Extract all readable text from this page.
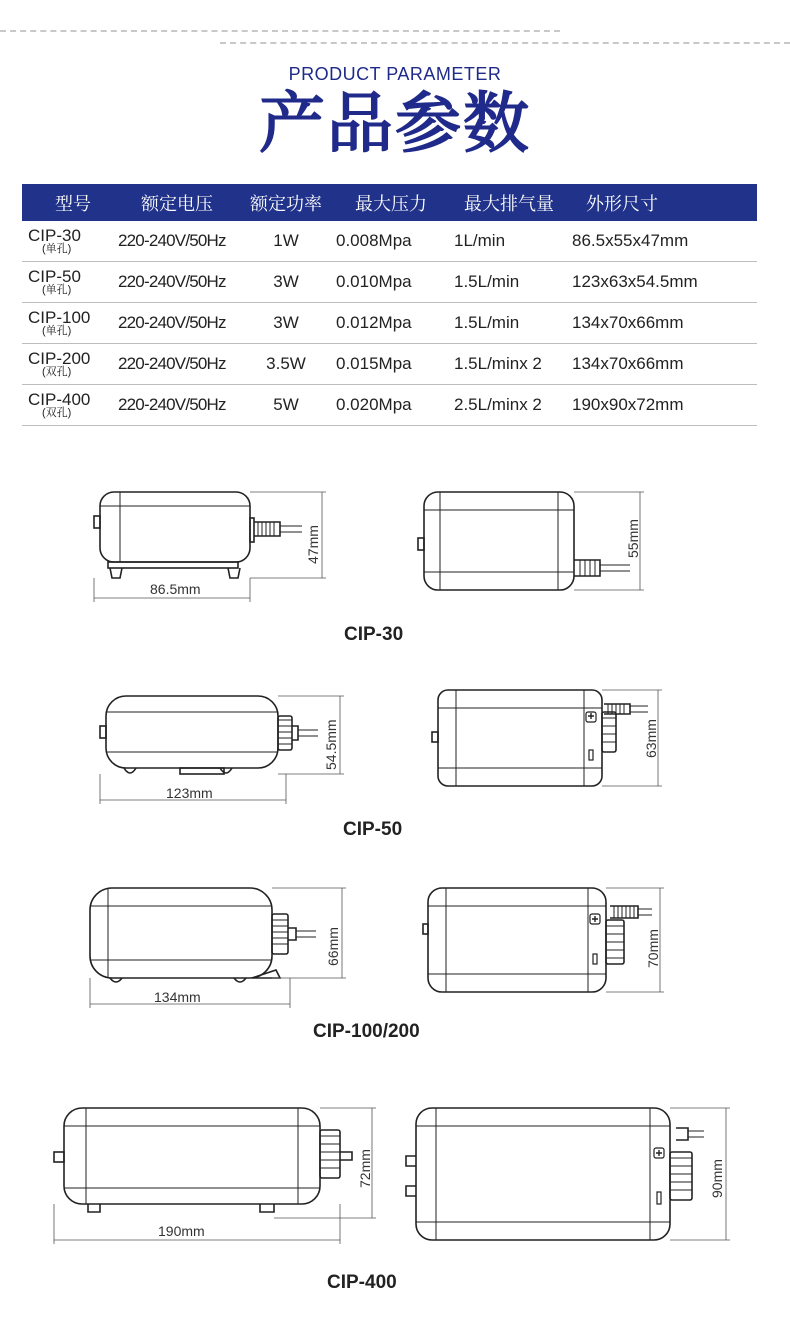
PRODUCT PARAMETER
产品参数
型号	额定电压	额定功率	最大压力	最大排气量	外形尺寸

CIP-30
(单孔)	220-240V/50Hz	1W	0.008Mpa	1L/min	86.5x55x47mm

CIP-50
(单孔)	220-240V/50Hz	3W	0.010Mpa	1.5L/min	123x63x54.5mm

CIP-100
(单孔)	220-240V/50Hz	3W	0.012Mpa	1.5L/min	134x70x66mm

CIP-200
(双孔)	220-240V/50Hz	3.5W	0.015Mpa	1.5L/minx 2	134x70x66mm

CIP-400
(双孔)	220-240V/50Hz	5W	0.020Mpa	2.5L/minx 2	190x90x72mm
86.5mm
47mm	55mm
CIP-30
123mm
54.5mm	63mm
CIP-50
134mm
66mm	70mm
CIP-100/200
190mm
72mm	90mm
CIP-400
